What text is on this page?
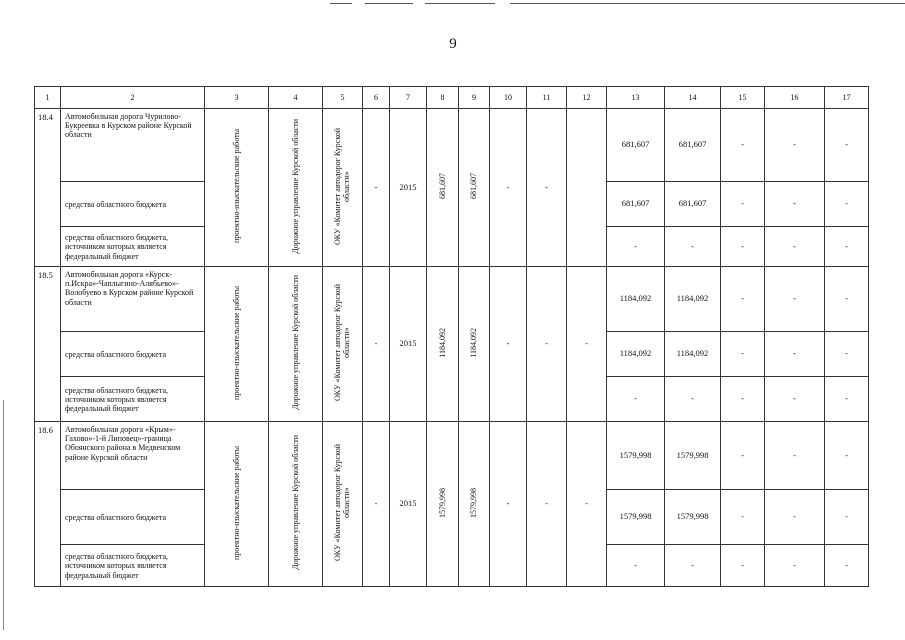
9
1	2	3	4	5	6	7	8	9	10	11	12	13	14	15	16	17
18.4	Автомобильная дорога Чурилово-Букреевка в Курском районе Курской области	проектно-изыскательские работы	Дорожное управление Курской области	ОКУ «Комитет автодорог Курской области»	-	2015	681,607	681,607	-	-		681,607	681,607	-	-	-
	средства областного бюджета											681,607	681,607	-	-	-
	средства областного бюджета, источником которых является федеральный бюджет											-	-	-	-	-
18.5	Автомобильная дорога «Курск-п.Искра»-Чаплыгино-Алябьево»-Волобуево в Курском районе Курской области	проектно-изыскательские работы	Дорожное управление Курской области	ОКУ «Комитет автодорог Курской области»	-	2015	1184,092	1184,092	-	-	-	1184,092	1184,092	-	-	-
	средства областного бюджета											1184,092	1184,092	-	-	-
	средства областного бюджета, источником которых является федеральный бюджет											-	-	-	-	-
18.6	Автомобильная дорога «Крым»-Гахово»-1-й Липовец»-граница Обоянского района в Медвенском районе Курской области	проектно-изыскательские работы	Дорожное управление Курской области	ОКУ «Комитет автодорог Курской области»	-	2015	1579,998	1579,998	-	-	-	1579,998	1579,998	-	-	-
	средства областного бюджета											1579,998	1579,998	-	-	-
	средства областного бюджета, источником которых является федеральный бюджет											-	-	-	-	-
